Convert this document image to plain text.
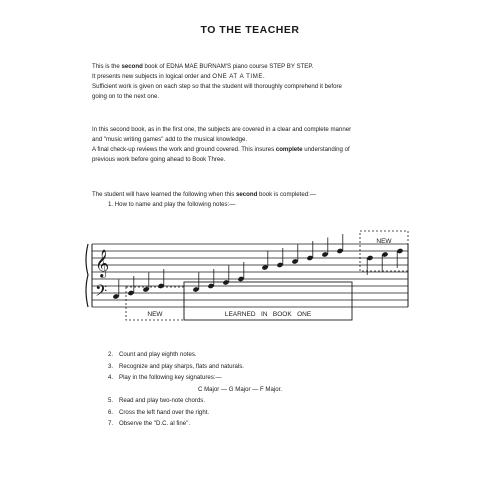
TO THE TEACHER

This is the second book of EDNA MAE BURNAM'S piano course STEP BY STEP.
It presents new subjects in logical order and ONE AT A TIME.
Sufficient work is given on each step so that the student will thoroughly comprehend it before
going on to the next one.

In this second book, as in the first one, the subjects are covered in a clear and complete manner
and "music writing games" add to the musical knowledge.
A final check-up reviews the work and ground covered. This insures complete understanding of
previous work before going ahead to Book Three.

The student will have learned the following when this second book is completed:—
1. How to name and play the following notes:—

𝄞
𝄢
NEW
NEW	LEARNED   IN   BOOK   ONE
2. Count and play eighth notes.
3. Recognize and play sharps, flats and naturals.
4. Play in the following key signatures:—
C Major — G Major — F Major.
5. Read and play two-note chords.
6. Cross the left hand over the right.
7. Observe the "D.C. al fine".
